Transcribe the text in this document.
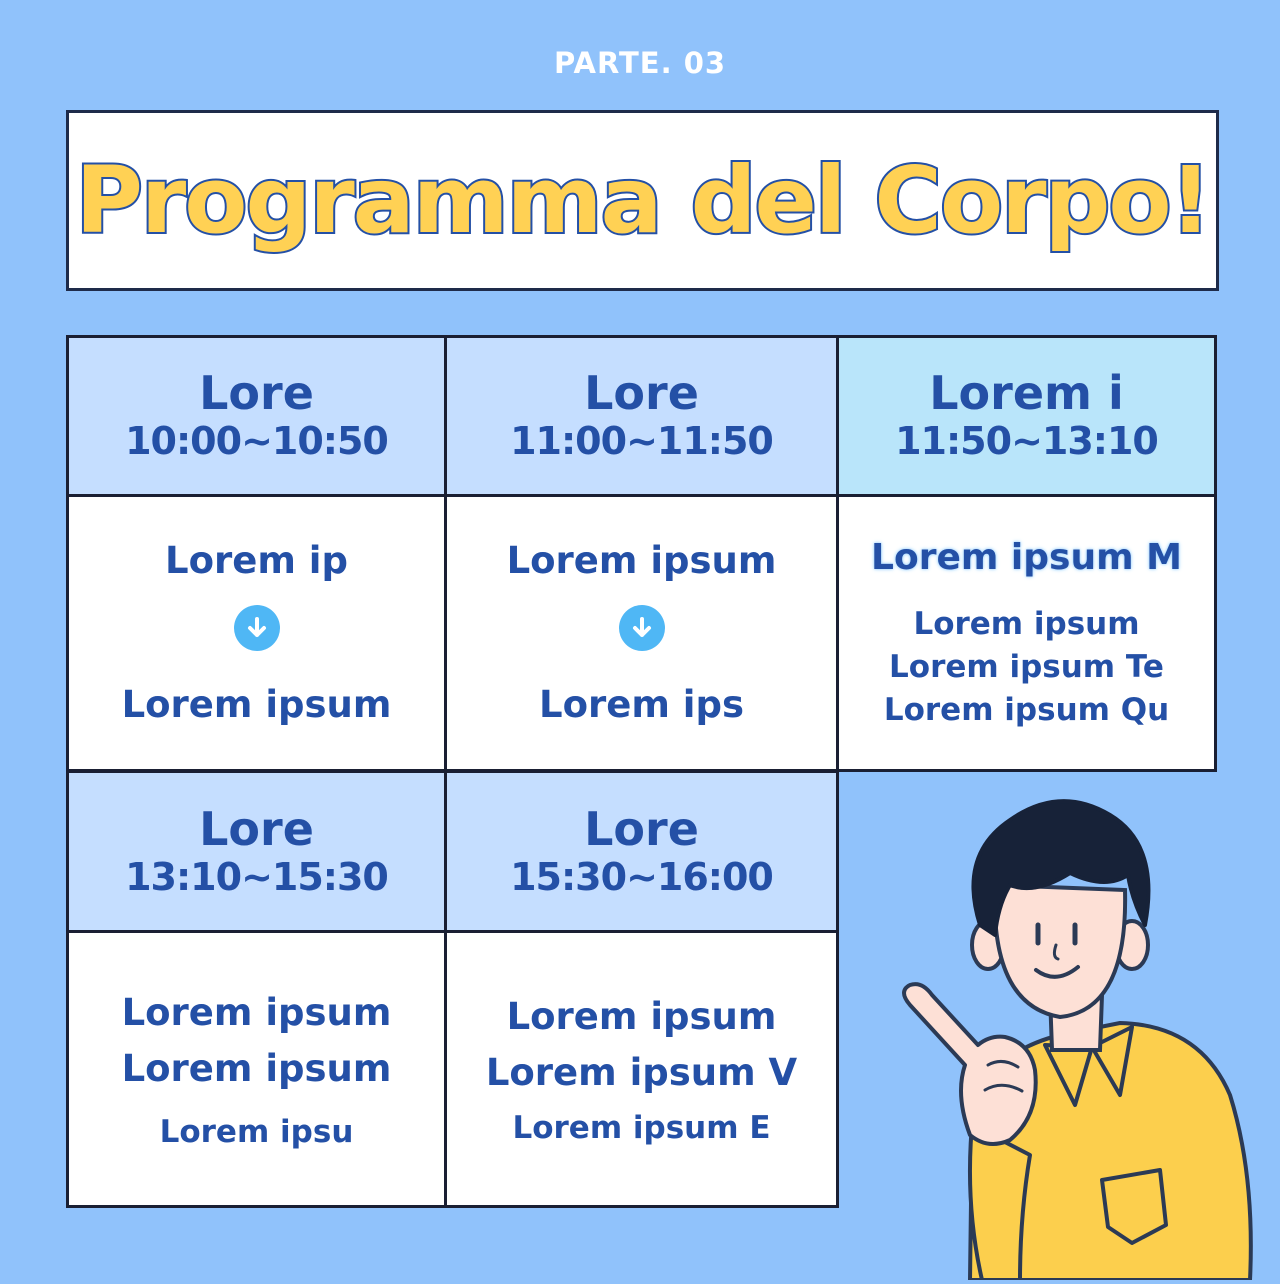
PARTE. 03
Programma del Corpo!
Lore
10:00~10:50
Lore
11:00~11:50
Lorem i
11:50~13:10
Lorem ip
Lorem ipsum
Lorem ipsum
Lorem ips
Lorem ipsum M
Lorem ipsum
Lorem ipsum Te
Lorem ipsum Qu
Lore
13:10~15:30
Lore
15:30~16:00
Lorem ipsum
Lorem ipsum
Lorem ipsu
Lorem ipsum
Lorem ipsum V
Lorem ipsum E
